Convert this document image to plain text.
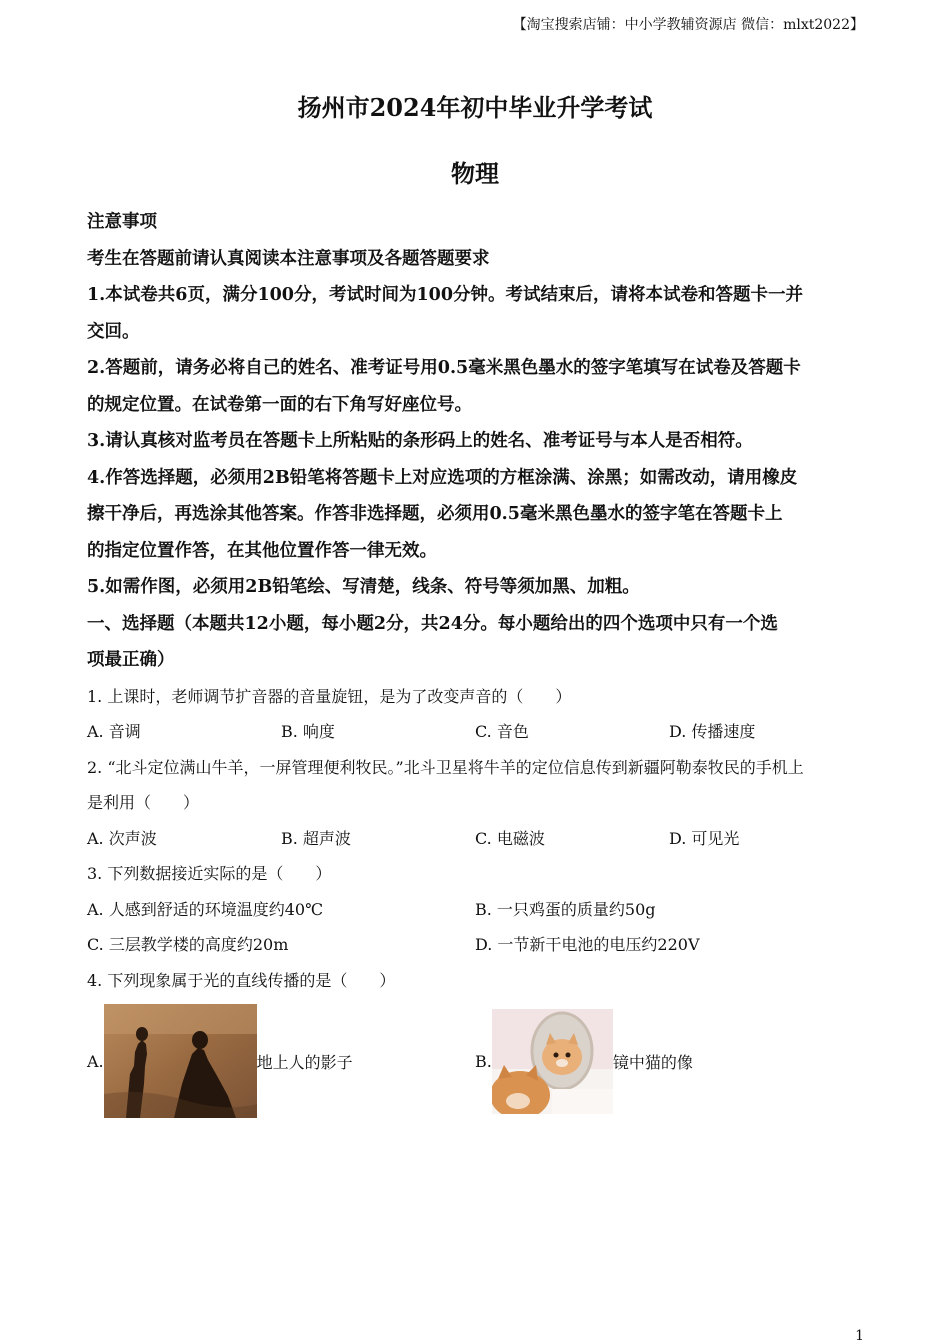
【淘宝搜索店铺：中小学教辅资源店 微信：mlxt2022】
扬州市2024年初中毕业升学考试
物理

注意事项

考生在答题前请认真阅读本注意事项及各题答题要求

1.本试卷共6页，满分100分，考试时间为100分钟。考试结束后，请将本试卷和答题卡一并

交回。

2.答题前，请务必将自己的姓名、准考证号用0.5毫米黑色墨水的签字笔填写在试卷及答题卡

的规定位置。在试卷第一面的右下角写好座位号。

3.请认真核对监考员在答题卡上所粘贴的条形码上的姓名、准考证号与本人是否相符。

4.作答选择题，必须用2B铅笔将答题卡上对应选项的方框涂满、涂黑；如需改动，请用橡皮

擦干净后，再选涂其他答案。作答非选择题，必须用0.5毫米黑色墨水的签字笔在答题卡上

的指定位置作答，在其他位置作答一律无效。

5.如需作图，必须用2B铅笔绘、写清楚，线条、符号等须加黑、加粗。

一、选择题（本题共12小题，每小题2分，共24分。每小题给出的四个选项中只有一个选

项最正确）

1. 上课时，老师调节扩音器的音量旋钮，是为了改变声音的（　　）

A. 音调	B. 响度	C. 音色	D. 传播速度

2. “北斗定位满山牛羊，一屏管理便利牧民。”北斗卫星将牛羊的定位信息传到新疆阿勒泰牧民的手机上

是利用（　　）

A. 次声波	B. 超声波	C. 电磁波	D. 可见光

3. 下列数据接近实际的是（　　）

A. 人感到舒适的环境温度约40℃	B. 一只鸡蛋的质量约50g
C. 三层教学楼的高度约20m	D. 一节新干电池的电压约220V

4. 下列现象属于光的直线传播的是（　　）

A.	地上人的影子	B.	镜中猫的像
1
